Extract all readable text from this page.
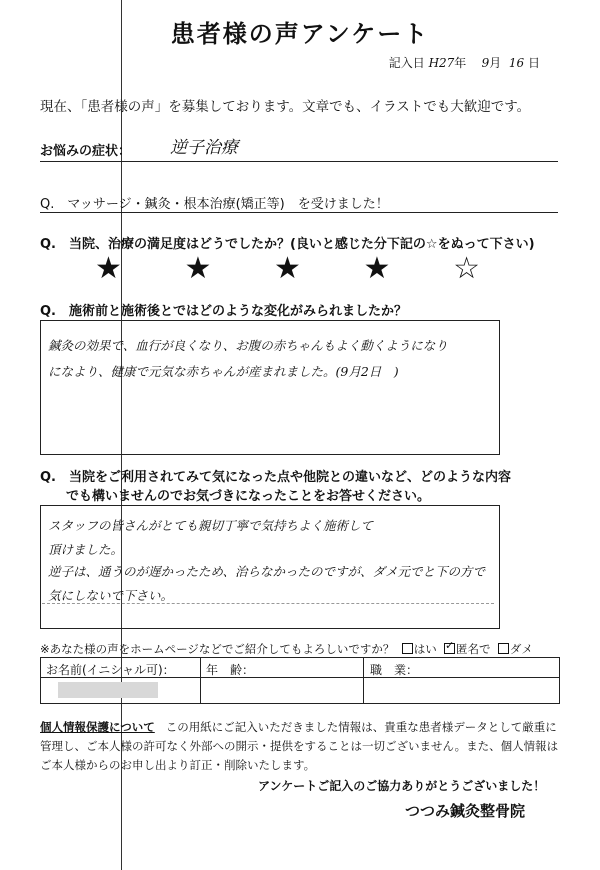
患者様の声アンケート
記入日 H27年 9月 16 日
現在、「患者様の声」を募集しております。文章でも、イラストでも大歓迎です。
お悩みの症状： 逆子治療
Q.　マッサージ・鍼灸・根本治療(矯正等)　を受けました！
Q.　当院、治療の満足度はどうでしたか？(良いと感じた分下記の☆をぬって下さい)
★ ★ ★ ★ ☆
Q.　施術前と施術後とではどのような変化がみられましたか？
鍼灸の効果で、血行が良くなり、お腹の赤ちゃんもよく動くようになり
になより、健康で元気な赤ちゃんが産まれました。(9月2日　)
Q.　当院をご利用されてみて気になった点や他院との違いなど、どのような内容
でも構いませんのでお気づきになったことをお答せください。
スタッフの皆さんがとても親切丁寧で気持ちよく施術して
頂けました。
逆子は、通うのが遅かったため、治らなかったのですが、ダメ元でと下の方で
気にしないで下さい。
※あなた様の声をホームページなどでご紹介してもよろしいですか？ はい  ✓ 匿名で ダメ
お名前(イニシャル可)：	年　齢：	職　業：
個人情報保護について この用紙にご記入いただきました情報は、貴重な患者様データとして厳重に管理し、ご本人様の許可なく外部への開示・提供をすることは一切ございません。また、個人情報はご本人様からのお申し出より訂正・削除いたします。
アンケートご記入のご協力ありがとうございました！
つつみ鍼灸整骨院
